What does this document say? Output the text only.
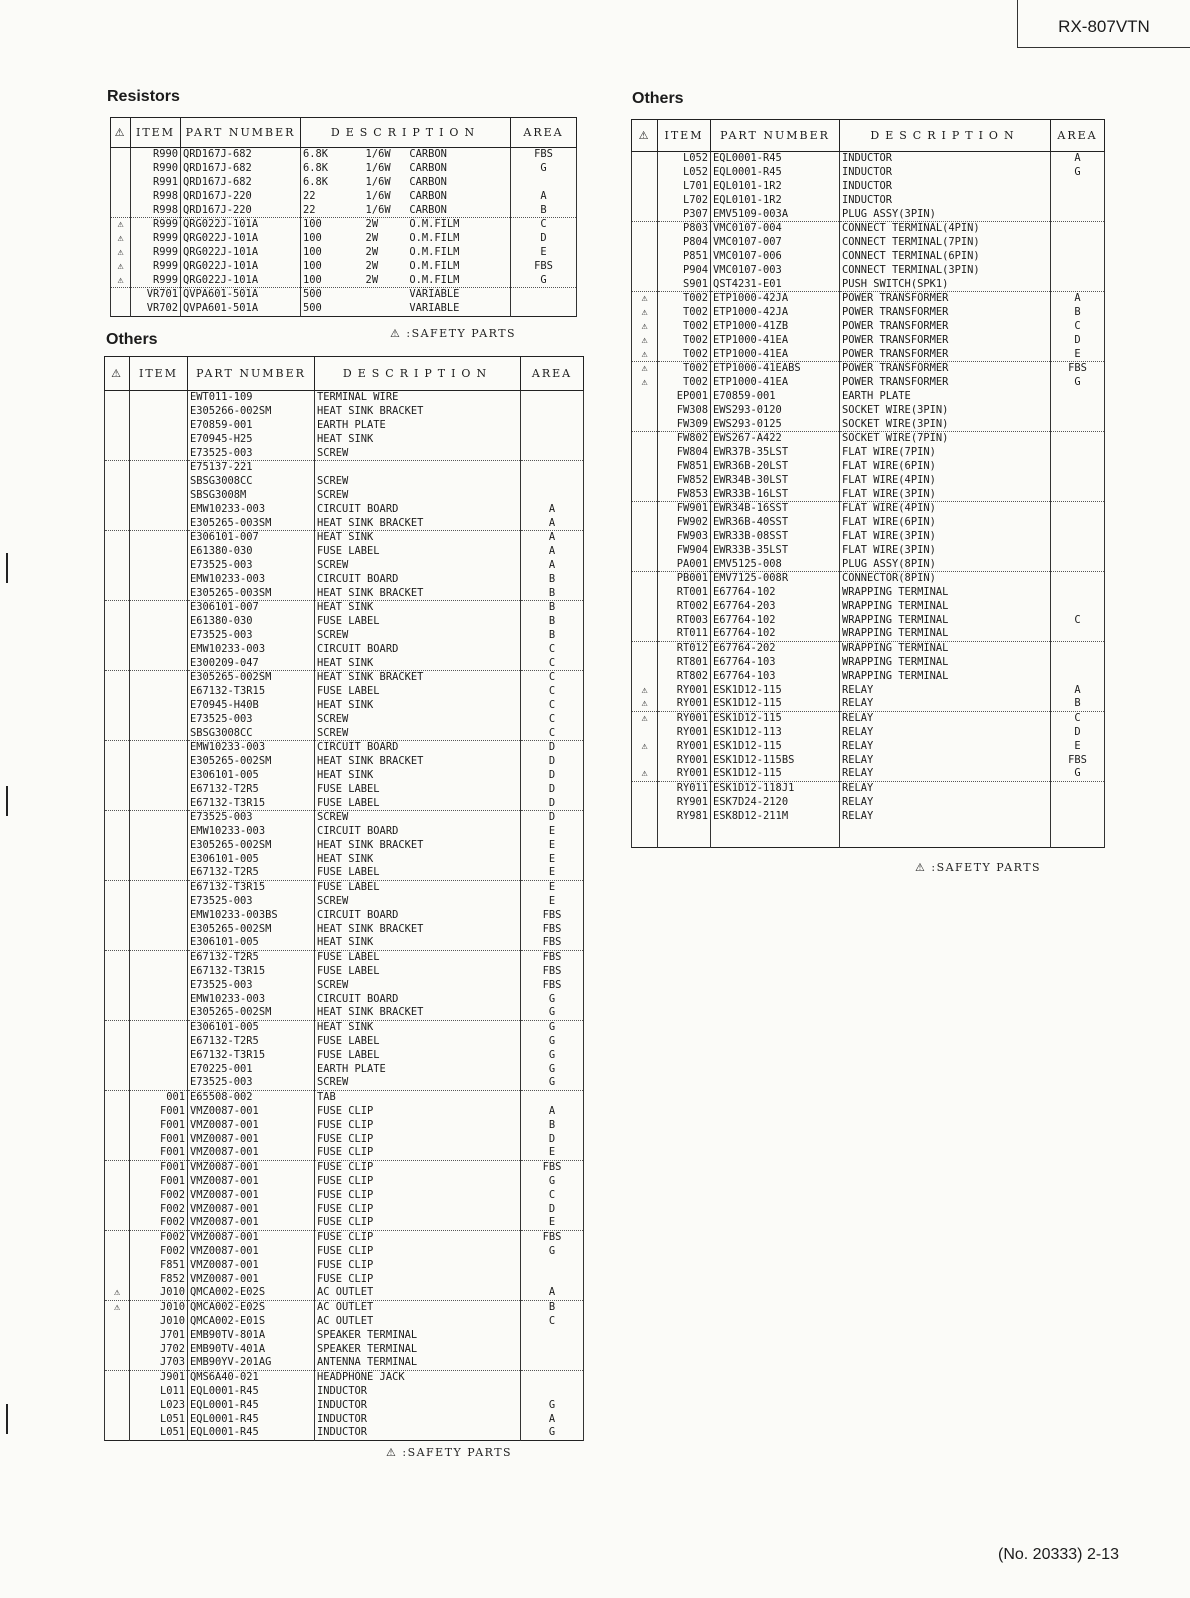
RX-807VTN
Resistors
⚠	ITEM	PART NUMBER	DESCRIPTION	AREA
	R990	QRD167J-682	6.8K      1/6W   CARBON	FBS
	R990	QRD167J-682	6.8K      1/6W   CARBON	G
	R991	QRD167J-682	6.8K      1/6W   CARBON	
	R998	QRD167J-220	22        1/6W   CARBON	A
	R998	QRD167J-220	22        1/6W   CARBON	B
⚠	R999	QRG022J-101A	100       2W     O.M.FILM	C
⚠	R999	QRG022J-101A	100       2W     O.M.FILM	D
⚠	R999	QRG022J-101A	100       2W     O.M.FILM	E
⚠	R999	QRG022J-101A	100       2W     O.M.FILM	FBS
⚠	R999	QRG022J-101A	100       2W     O.M.FILM	G
	VR701	QVPA601-501A	500              VARIABLE	
	VR702	QVPA601-501A	500              VARIABLE	
⚠ :SAFETY PARTS
Others
⚠	ITEM	PART NUMBER	DESCRIPTION	AREA
		EWT011-109	TERMINAL WIRE	
		E305266-002SM	HEAT SINK BRACKET	
		E70859-001	EARTH PLATE	
		E70945-H25	HEAT SINK	
		E73525-003	SCREW	
		E75137-221		
		SBSG3008CC	SCREW	
		SBSG3008M	SCREW	
		EMW10233-003	CIRCUIT BOARD	A
		E305265-003SM	HEAT SINK BRACKET	A
		E306101-007	HEAT SINK	A
		E61380-030	FUSE LABEL	A
		E73525-003	SCREW	A
		EMW10233-003	CIRCUIT BOARD	B
		E305265-003SM	HEAT SINK BRACKET	B
		E306101-007	HEAT SINK	B
		E61380-030	FUSE LABEL	B
		E73525-003	SCREW	B
		EMW10233-003	CIRCUIT BOARD	C
		E300209-047	HEAT SINK	C
		E305265-002SM	HEAT SINK BRACKET	C
		E67132-T3R15	FUSE LABEL	C
		E70945-H40B	HEAT SINK	C
		E73525-003	SCREW	C
		SBSG3008CC	SCREW	C
		EMW10233-003	CIRCUIT BOARD	D
		E305265-002SM	HEAT SINK BRACKET	D
		E306101-005	HEAT SINK	D
		E67132-T2R5	FUSE LABEL	D
		E67132-T3R15	FUSE LABEL	D
		E73525-003	SCREW	D
		EMW10233-003	CIRCUIT BOARD	E
		E305265-002SM	HEAT SINK BRACKET	E
		E306101-005	HEAT SINK	E
		E67132-T2R5	FUSE LABEL	E
		E67132-T3R15	FUSE LABEL	E
		E73525-003	SCREW	E
		EMW10233-003BS	CIRCUIT BOARD	FBS
		E305265-002SM	HEAT SINK BRACKET	FBS
		E306101-005	HEAT SINK	FBS
		E67132-T2R5	FUSE LABEL	FBS
		E67132-T3R15	FUSE LABEL	FBS
		E73525-003	SCREW	FBS
		EMW10233-003	CIRCUIT BOARD	G
		E305265-002SM	HEAT SINK BRACKET	G
		E306101-005	HEAT SINK	G
		E67132-T2R5	FUSE LABEL	G
		E67132-T3R15	FUSE LABEL	G
		E70225-001	EARTH PLATE	G
		E73525-003	SCREW	G
	001	E65508-002	TAB	
	F001	VMZ0087-001	FUSE CLIP	A
	F001	VMZ0087-001	FUSE CLIP	B
	F001	VMZ0087-001	FUSE CLIP	D
	F001	VMZ0087-001	FUSE CLIP	E
	F001	VMZ0087-001	FUSE CLIP	FBS
	F001	VMZ0087-001	FUSE CLIP	G
	F002	VMZ0087-001	FUSE CLIP	C
	F002	VMZ0087-001	FUSE CLIP	D
	F002	VMZ0087-001	FUSE CLIP	E
	F002	VMZ0087-001	FUSE CLIP	FBS
	F002	VMZ0087-001	FUSE CLIP	G
	F851	VMZ0087-001	FUSE CLIP	
	F852	VMZ0087-001	FUSE CLIP	
⚠	J010	QMCA002-E02S	AC OUTLET	A
⚠	J010	QMCA002-E02S	AC OUTLET	B
	J010	QMCA002-E01S	AC OUTLET	C
	J701	EMB90TV-801A	SPEAKER TERMINAL	
	J702	EMB90TV-401A	SPEAKER TERMINAL	
	J703	EMB90YV-201AG	ANTENNA TERMINAL	
	J901	QMS6A40-021	HEADPHONE JACK	
	L011	EQL0001-R45	INDUCTOR	
	L023	EQL0001-R45	INDUCTOR	G
	L051	EQL0001-R45	INDUCTOR	A
	L051	EQL0001-R45	INDUCTOR	G
⚠ :SAFETY PARTS
Others
⚠	ITEM	PART NUMBER	DESCRIPTION	AREA
	L052	EQL0001-R45	INDUCTOR	A
	L052	EQL0001-R45	INDUCTOR	G
	L701	EQL0101-1R2	INDUCTOR	
	L702	EQL0101-1R2	INDUCTOR	
	P307	EMV5109-003A	PLUG ASSY(3PIN)	
	P803	VMC0107-004	CONNECT TERMINAL(4PIN)	
	P804	VMC0107-007	CONNECT TERMINAL(7PIN)	
	P851	VMC0107-006	CONNECT TERMINAL(6PIN)	
	P904	VMC0107-003	CONNECT TERMINAL(3PIN)	
	S901	QST4231-E01	PUSH SWITCH(SPK1)	
⚠	T002	ETP1000-42JA	POWER TRANSFORMER	A
⚠	T002	ETP1000-42JA	POWER TRANSFORMER	B
⚠	T002	ETP1000-41ZB	POWER TRANSFORMER	C
⚠	T002	ETP1000-41EA	POWER TRANSFORMER	D
⚠	T002	ETP1000-41EA	POWER TRANSFORMER	E
⚠	T002	ETP1000-41EABS	POWER TRANSFORMER	FBS
⚠	T002	ETP1000-41EA	POWER TRANSFORMER	G
	EP001	E70859-001	EARTH PLATE	
	FW308	EWS293-0120	SOCKET WIRE(3PIN)	
	FW309	EWS293-0125	SOCKET WIRE(3PIN)	
	FW802	EWS267-A422	SOCKET WIRE(7PIN)	
	FW804	EWR37B-35LST	FLAT WIRE(7PIN)	
	FW851	EWR36B-20LST	FLAT WIRE(6PIN)	
	FW852	EWR34B-30LST	FLAT WIRE(4PIN)	
	FW853	EWR33B-16LST	FLAT WIRE(3PIN)	
	FW901	EWR34B-16SST	FLAT WIRE(4PIN)	
	FW902	EWR36B-40SST	FLAT WIRE(6PIN)	
	FW903	EWR33B-08SST	FLAT WIRE(3PIN)	
	FW904	EWR33B-35LST	FLAT WIRE(3PIN)	
	PA001	EMV5125-008	PLUG ASSY(8PIN)	
	PB001	EMV7125-008R	CONNECTOR(8PIN)	
	RT001	E67764-102	WRAPPING TERMINAL	
	RT002	E67764-203	WRAPPING TERMINAL	
	RT003	E67764-102	WRAPPING TERMINAL	C
	RT011	E67764-102	WRAPPING TERMINAL	
	RT012	E67764-202	WRAPPING TERMINAL	
	RT801	E67764-103	WRAPPING TERMINAL	
	RT802	E67764-103	WRAPPING TERMINAL	
⚠	RY001	ESK1D12-115	RELAY	A
⚠	RY001	ESK1D12-115	RELAY	B
⚠	RY001	ESK1D12-115	RELAY	C
	RY001	ESK1D12-113	RELAY	D
⚠	RY001	ESK1D12-115	RELAY	E
	RY001	ESK1D12-115BS	RELAY	FBS
⚠	RY001	ESK1D12-115	RELAY	G
	RY011	ESK1D12-118J1	RELAY	
	RY901	ESK7D24-2120	RELAY	
	RY981	ESK8D12-211M	RELAY	

⚠ :SAFETY PARTS
(No. 20333) 2-13
